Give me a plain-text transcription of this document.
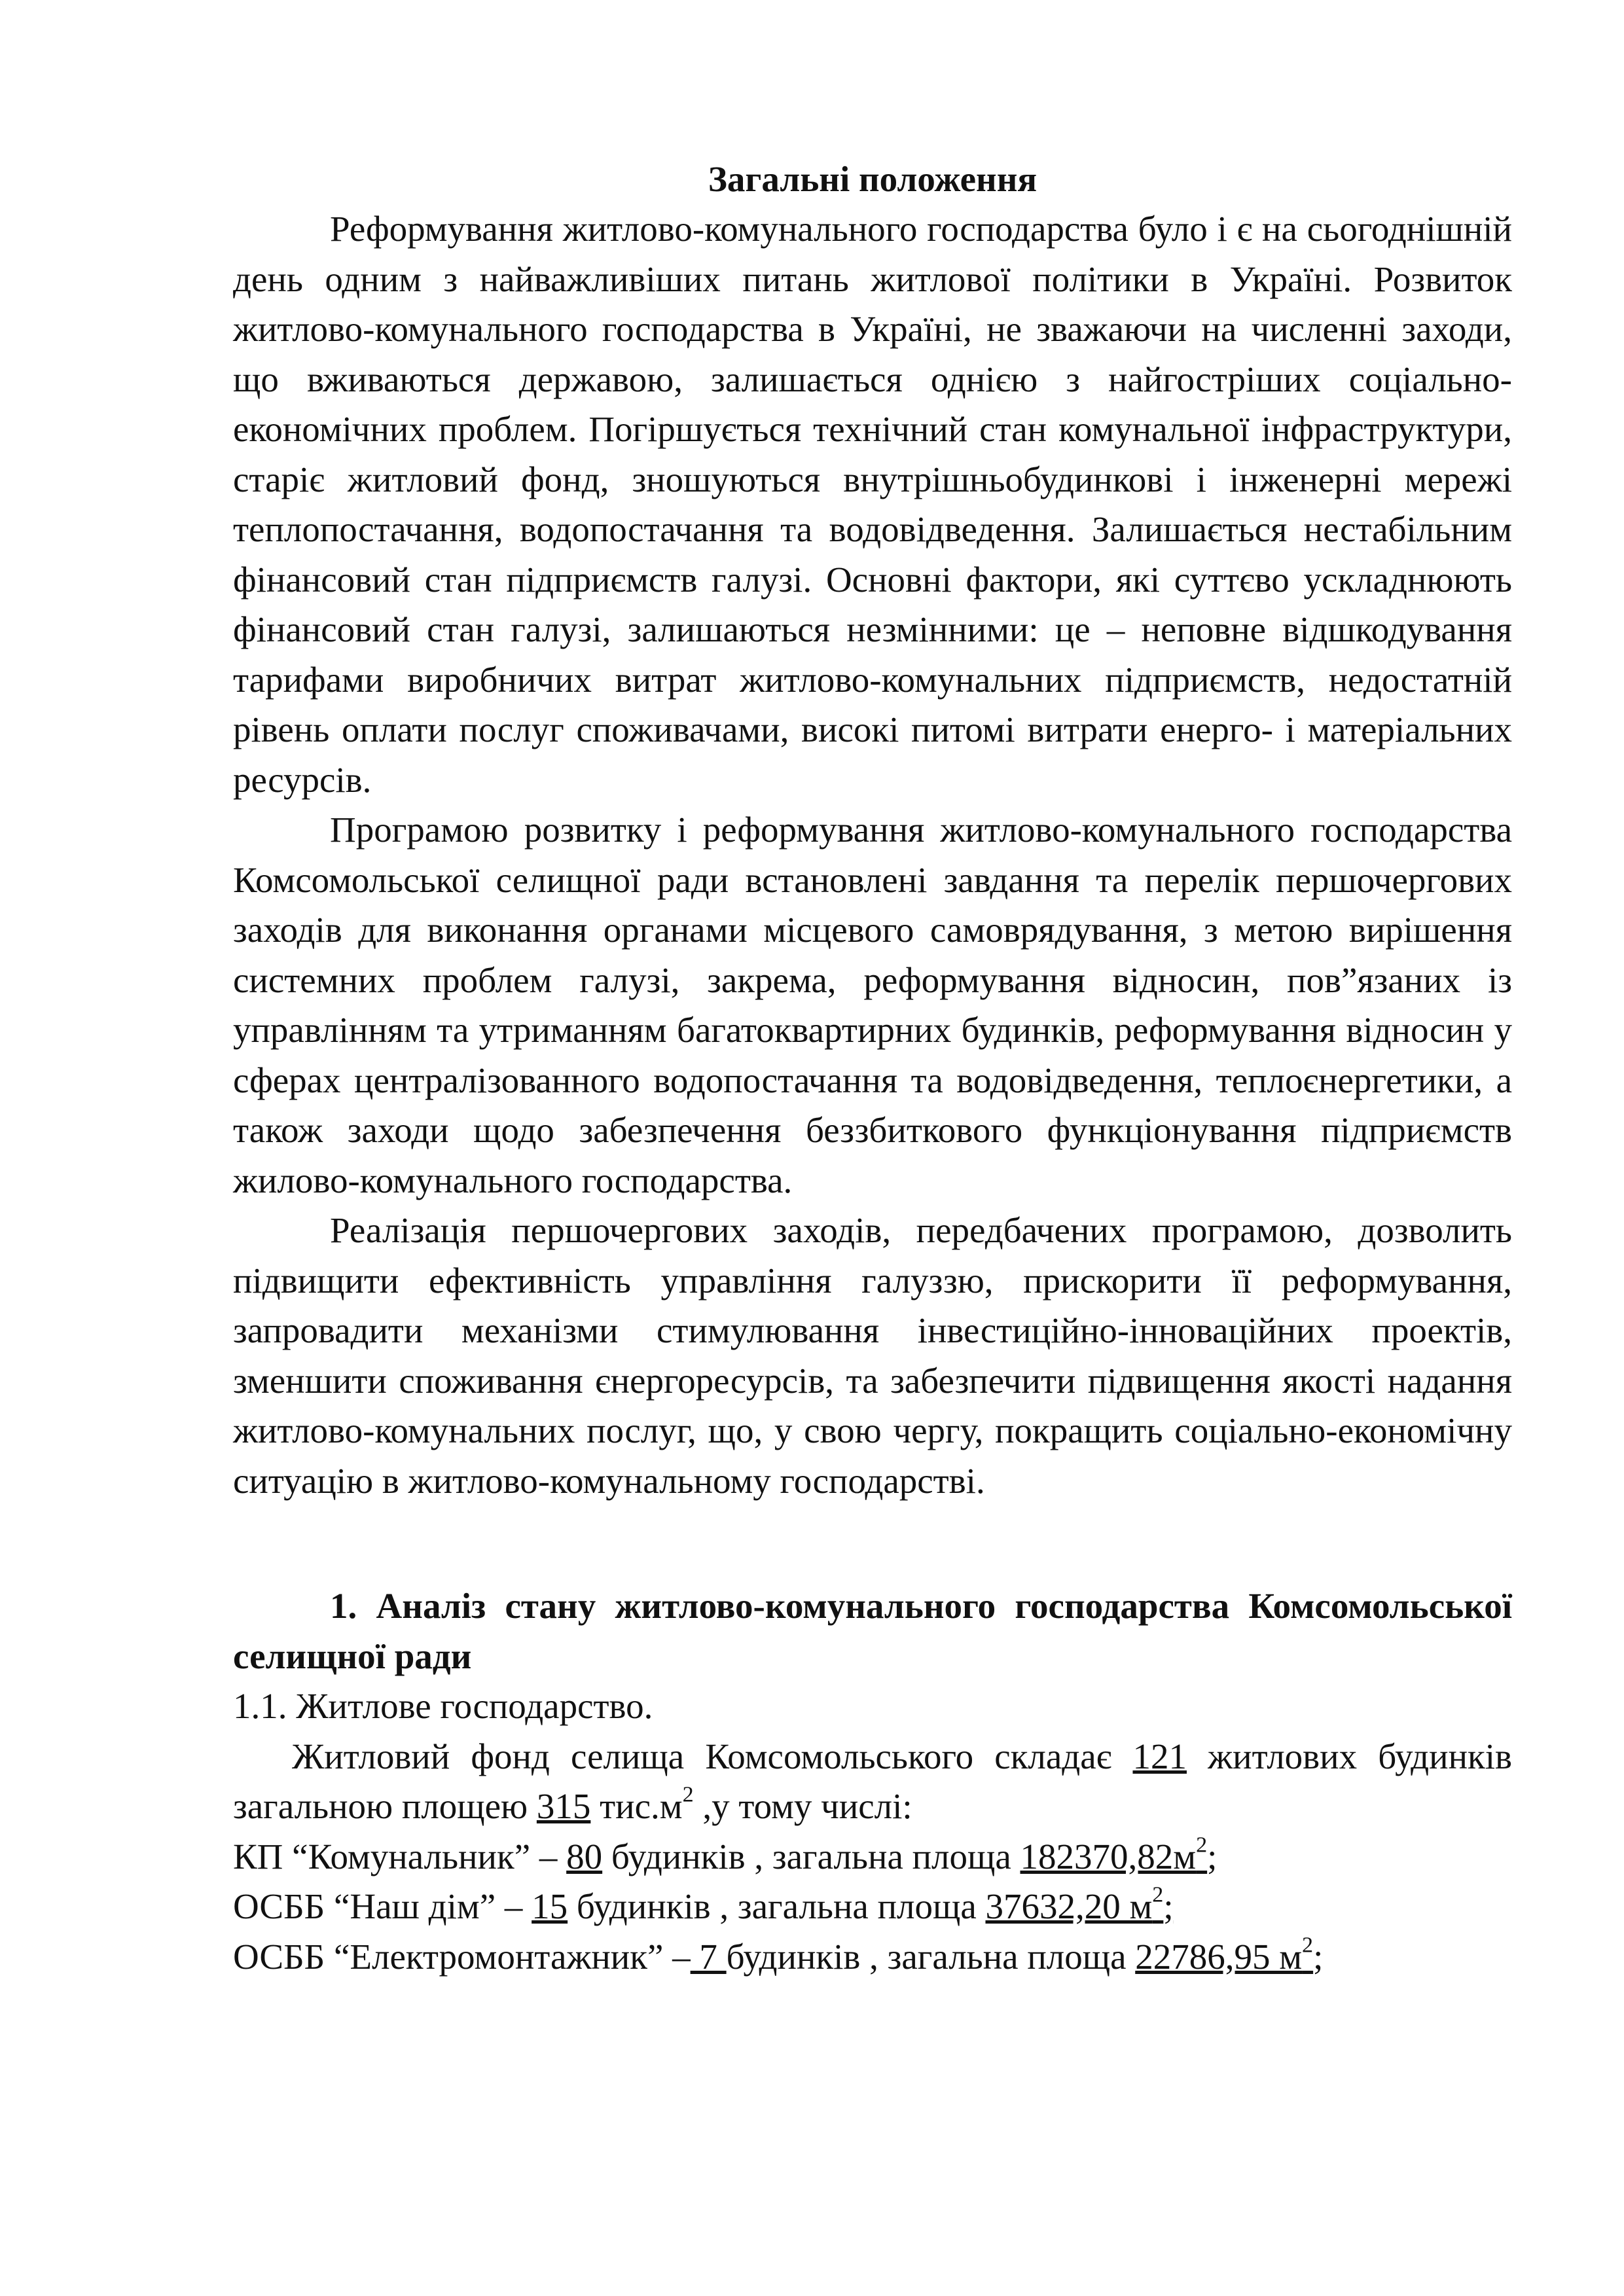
Загальні положення

Реформування житлово-комунального господарства було і є на сьогоднішній день одним з найважливіших питань житлової політики в Україні. Розвиток житлово-комунального господарства в Україні, не зважаючи на численні заходи, що вживаються державою, залишається однією з найгостріших соціально-економічних проблем. Погіршується технічний стан комунальної інфраструктури, старіє житловий фонд, зношуються внутрішньобудинкові і інженерні мережі теплопостачання, водопостачання та водовідведення. Залишається нестабільним фінансовий стан підприємств галузі. Основні фактори, які суттєво ускладнюють фінансовий стан галузі, залишаються незмінними: це – неповне відшкодування тарифами виробничих витрат житлово-комунальних підприємств, недостатній рівень оплати послуг споживачами, високі питомі витрати енерго- і матеріальних ресурсів.

Програмою розвитку і реформування житлово-комунального господарства Комсомольської селищної ради встановлені завдання та перелік першочергових заходів для виконання органами місцевого самоврядування, з метою вирішення системних проблем галузі, закрема, реформування відносин, пов”язаних із управлінням та утриманням багатоквартирних будинків, реформування відносин у сферах централізованного водопостачання та водовідведення, теплоєнергетики, а також заходи щодо забезпечення беззбиткового функціонування підприємств жилово-комунального господарства.

Реалізація першочергових заходів, передбачених програмою, дозволить підвищити ефективність управління галуззю, прискорити її реформування, запровадити механізми стимулювання інвестиційно-інноваційних проектів, зменшити споживання єнергоресурсів, та забезпечити підвищення якості надання житлово-комунальних послуг, що, у свою чергу, покращить соціально-економічну ситуацію в житлово-комунальному господарстві.

1. Аналіз стану житлово-комунального господарства Комсомольської селищної ради

1.1. Житлове господарство.

Житловий фонд селища Комсомольського складає 121 житлових будинків загальною площею 315 $тис.м^2$ ,у тому числі:

КП “Комунальник” – 80 будинків , загальна площа $182370,82м^2$;

ОСББ “Наш дім” – 15 будинків , загальна площа 37632,20 $м^2$;

ОСББ “Електромонтажник” – 7 будинків , загальна площа 22786,95 $м^2$;
